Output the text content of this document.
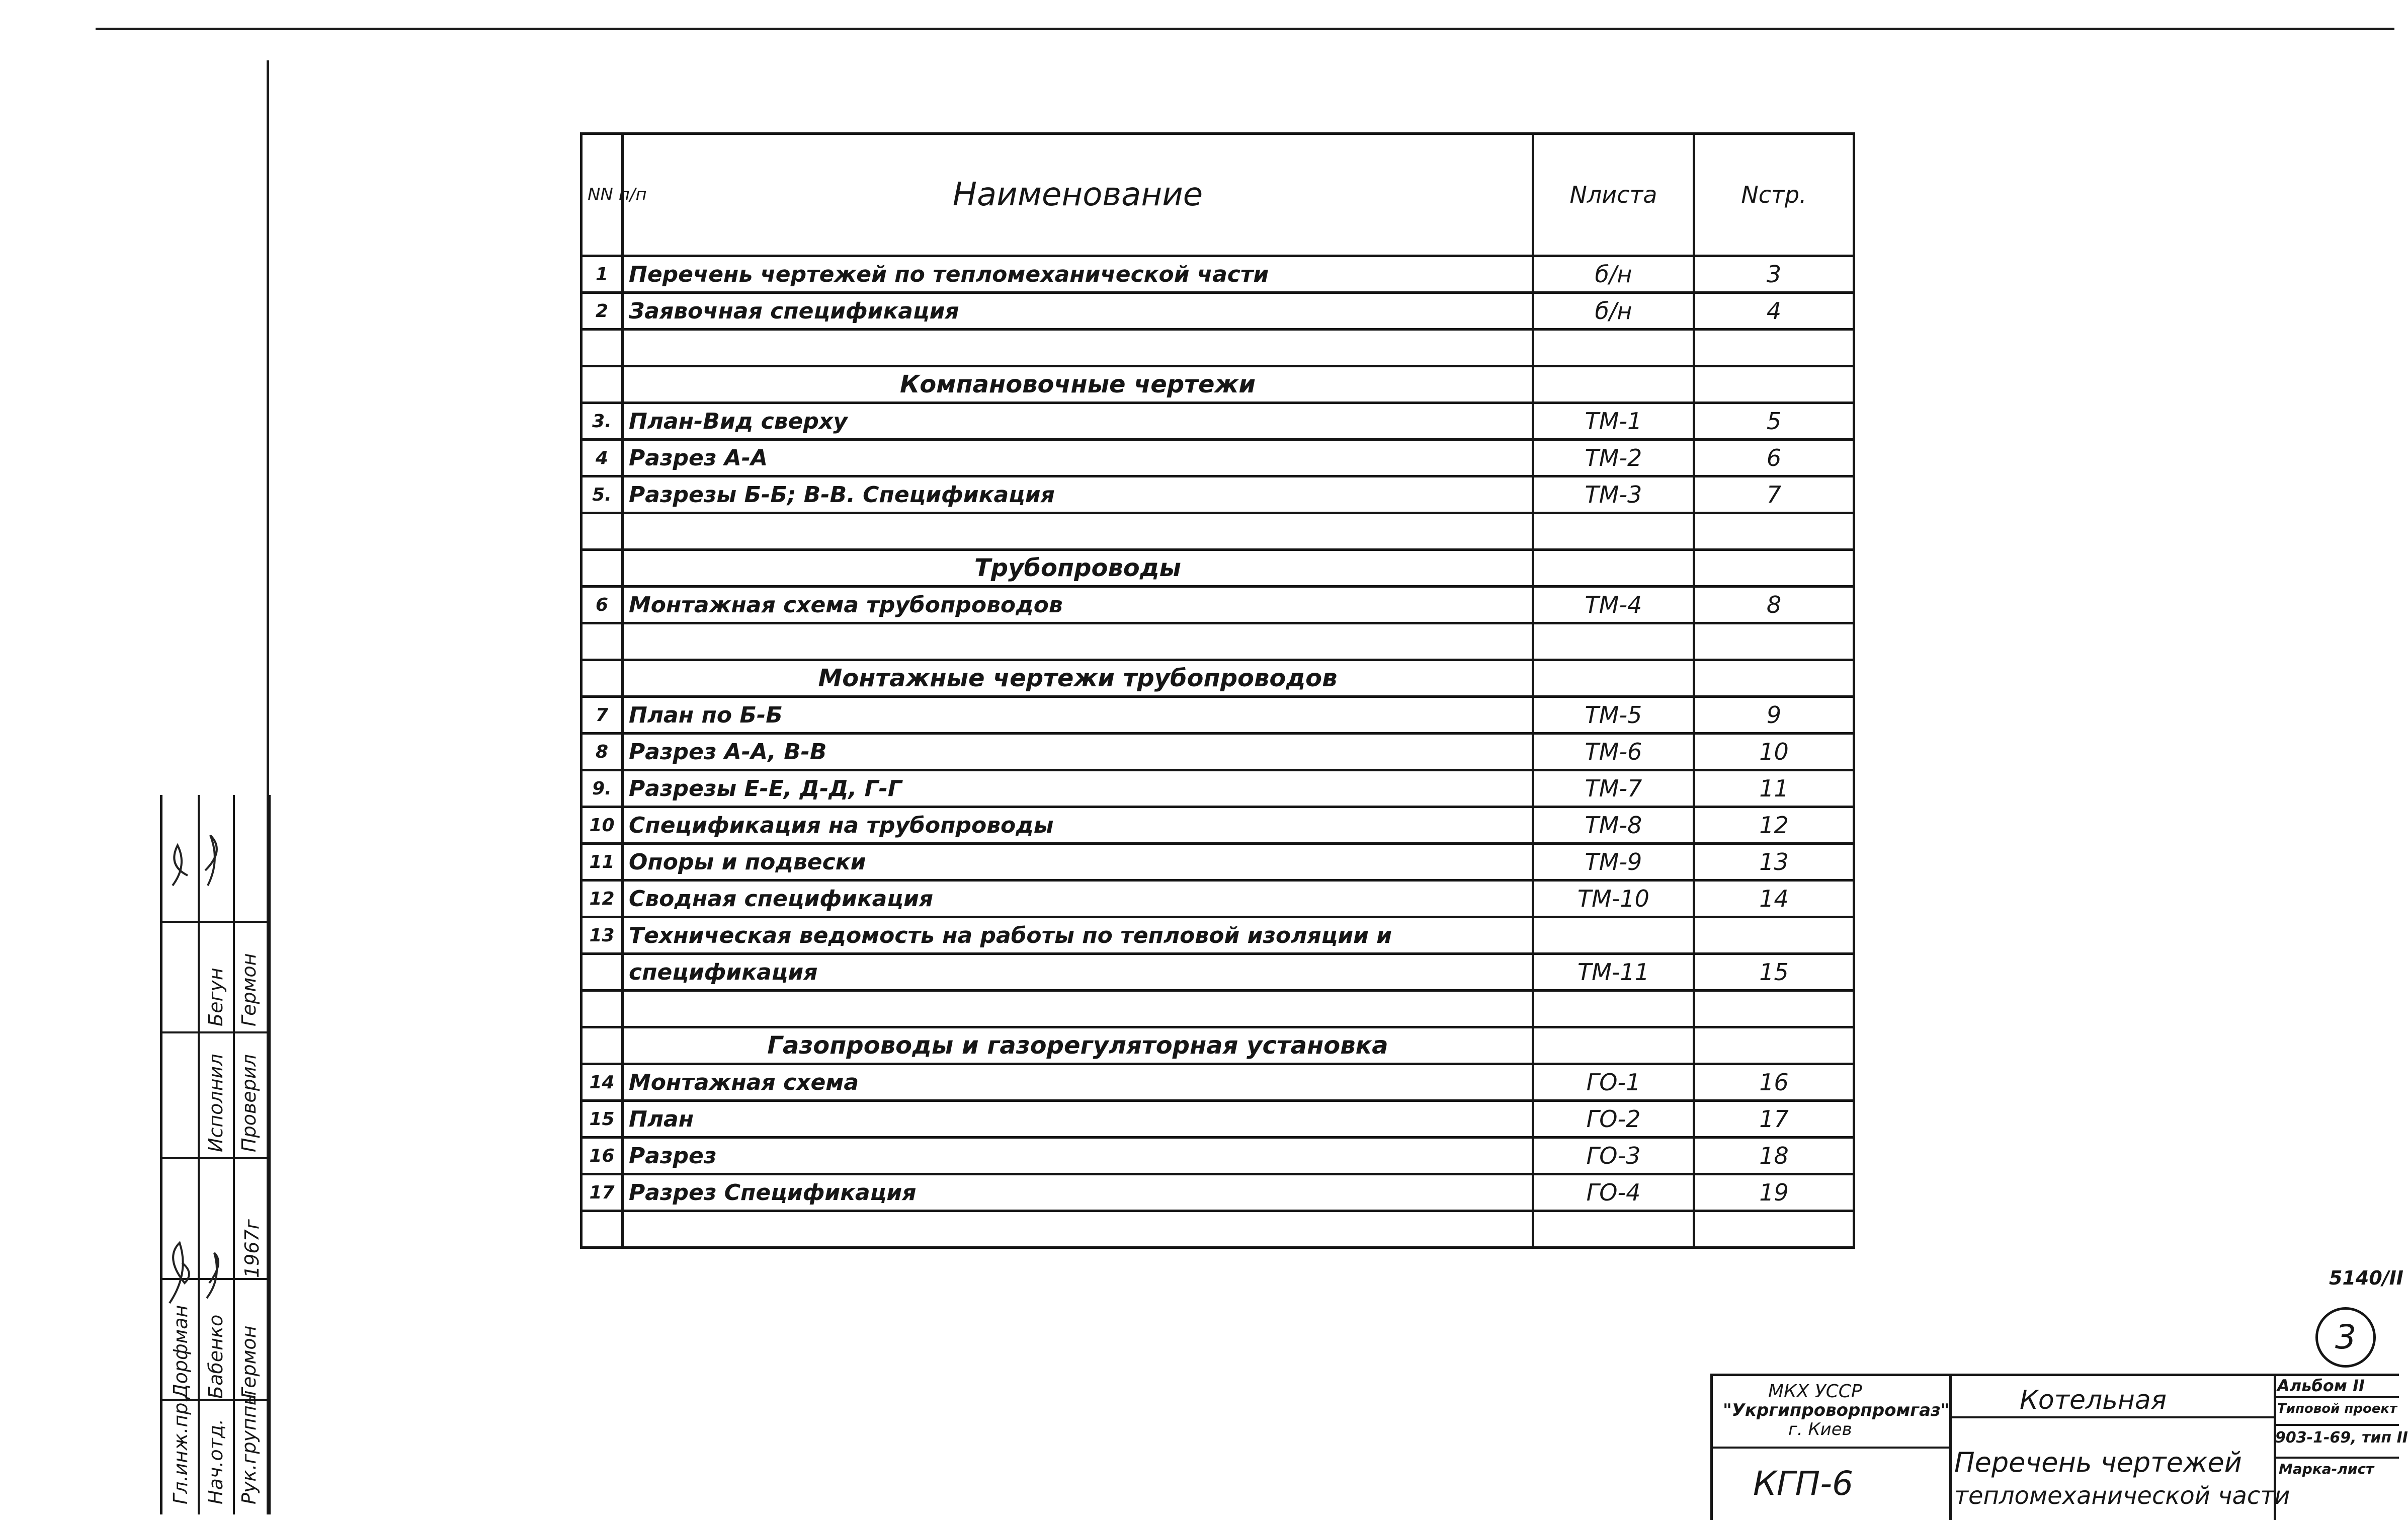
NN п/п	Наименование	Nлиста	Nстр.
1	Перечень чертежей по тепломеханической части	б/н	3
2	Заявочная спецификация	б/н	4

	Компановочные чертежи		
3.	План-Вид сверху	ТМ-1	5
4	Разрез А-А	ТМ-2	6
5.	Разрезы Б-Б; В-В. Спецификация	ТМ-3	7

	Трубопроводы		
6	Монтажная схема трубопроводов	ТМ-4	8

	Монтажные чертежи трубопроводов		
7	План по Б-Б	ТМ-5	9
8	Разрез А-А, В-В	ТМ-6	10
9.	Разрезы Е-Е, Д-Д, Г-Г	ТМ-7	11
10	Спецификация на трубопроводы	ТМ-8	12
11	Опоры и подвески	ТМ-9	13
12	Сводная спецификация	ТМ-10	14
13	Техническая ведомость на работы по тепловой изоляции и		
	спецификация	ТМ-11	15

	Газопроводы и газорегуляторная установка		
14	Монтажная схема	ГО-1	16
15	План	ГО-2	17
16	Разрез	ГО-3	18
17	Разрез Спецификация	ГО-4	19

Гл.инж.пр. Нач.отд. Рук.группы
Дорфман Бабенко Гермон
Исполнил Проверил
Бегун Гермон
1967г	5140/II
3
МКХ УССР
"Укргипроворпромгаз"
г. Киев
КГП-6
Котельная
Перечень чертежей
тепломеханической части
Альбом II
Типовой проект
903-1-69, тип II
Марка-лист
